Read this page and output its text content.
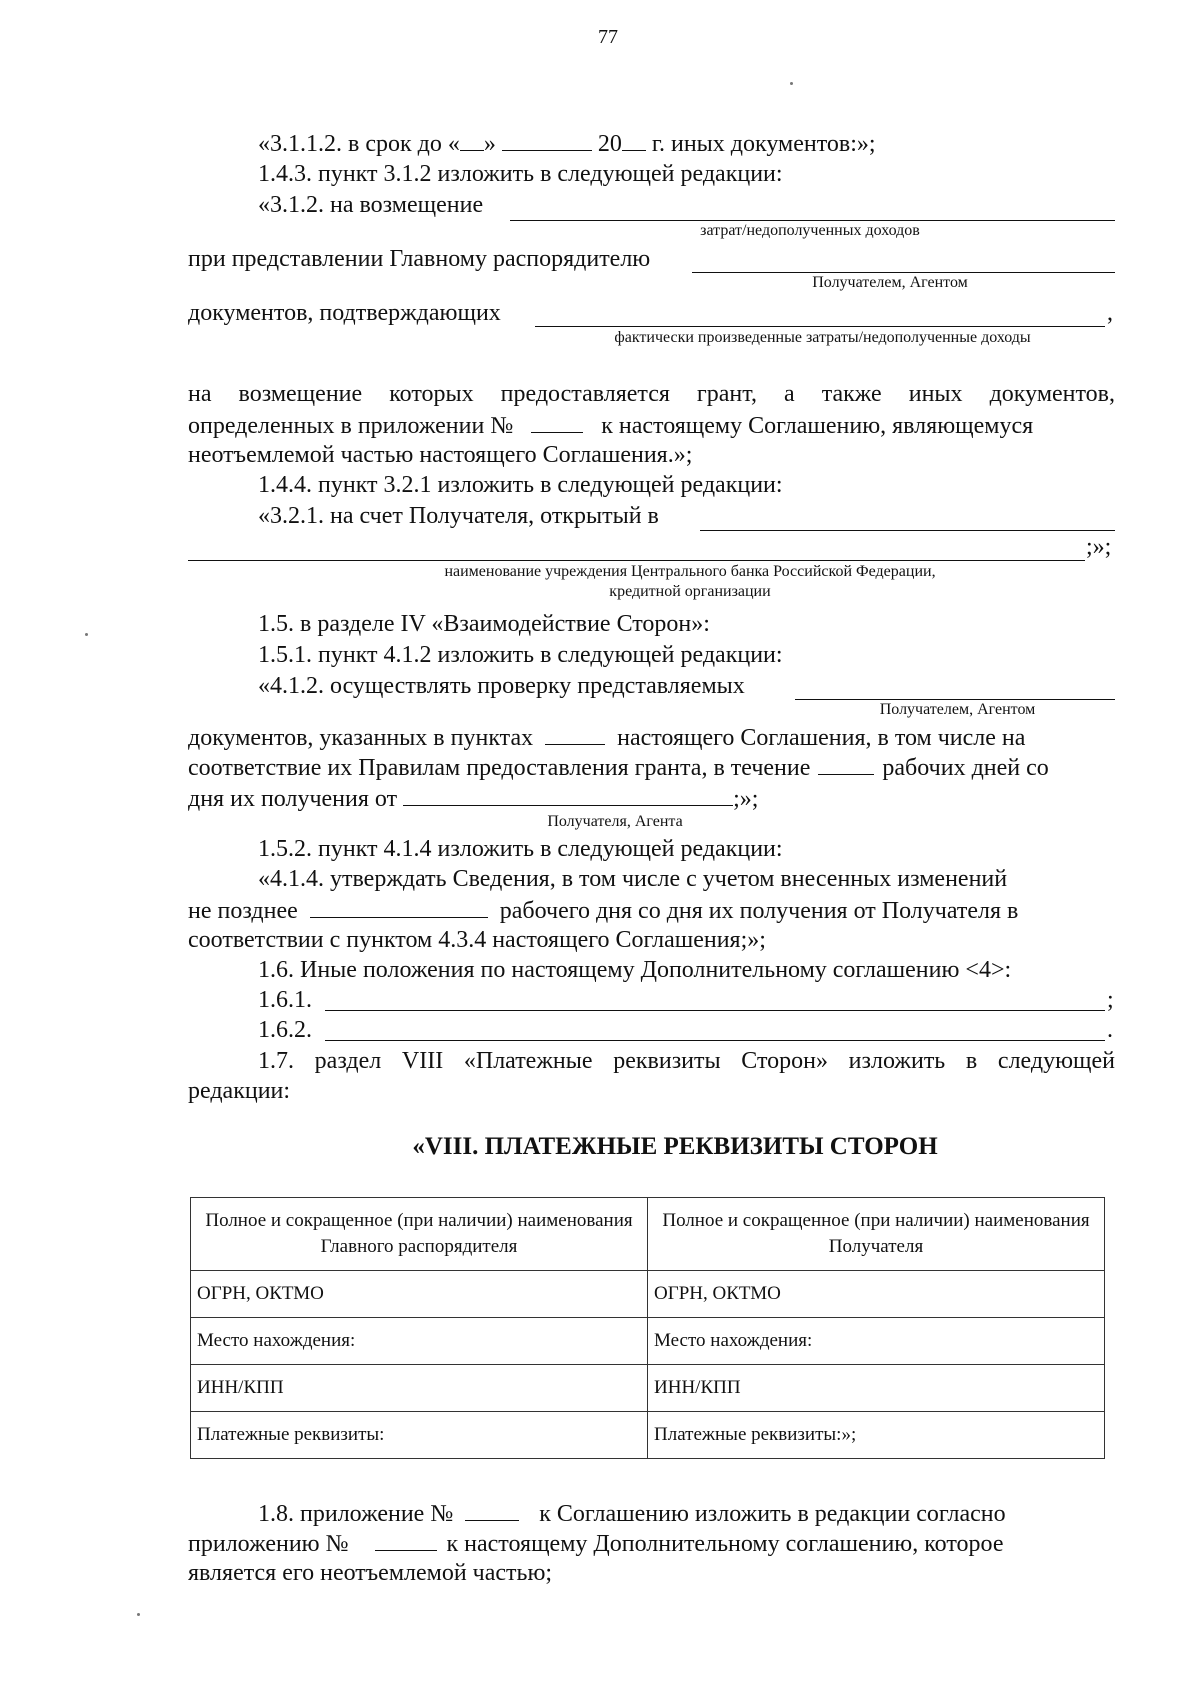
77
«3.1.1.2. в срок до « »	20 г. иных документов:»;
1.4.3. пункт 3.1.2 изложить в следующей редакции:
«3.1.2. на возмещение
затрат/недополученных доходов
при представлении Главному распорядителю
Получателем, Агентом
документов, подтверждающих	,
фактически произведенные затраты/недополученные доходы
на возмещение которых предоставляется грант, а также иных документов,
определенных в приложении №	к настоящему Соглашению, являющемуся
неотъемлемой частью настоящего Соглашения.»;
1.4.4. пункт 3.2.1 изложить в следующей редакции:
«3.2.1. на счет Получателя, открытый в
;»;
наименование учреждения Центрального банка Российской Федерации,
кредитной организации
1.5. в разделе IV «Взаимодействие Сторон»:
1.5.1. пункт 4.1.2 изложить в следующей редакции:
«4.1.2. осуществлять проверку представляемых
Получателем, Агентом
документов, указанных в пунктах	настоящего Соглашения, в том числе на
соответствие их Правилам предоставления гранта, в течение	рабочих дней со
дня их получения от	;»;
Получателя, Агента
1.5.2. пункт 4.1.4 изложить в следующей редакции:
«4.1.4. утверждать Сведения, в том числе с учетом внесенных изменений
не позднее	рабочего дня со дня их получения от Получателя в
соответствии с пунктом 4.3.4 настоящего Соглашения;»;
1.6. Иные положения по настоящему Дополнительному соглашению <4>:
1.6.1.	;
1.6.2.	.
1.7. раздел VIII «Платежные реквизиты Сторон» изложить в следующей
редакции:
«VIII. ПЛАТЕЖНЫЕ РЕКВИЗИТЫ СТОРОН
Полное и сокращенное (при наличии) наименования Главного распорядителя	Полное и сокращенное (при наличии) наименования Получателя
ОГРН, ОКТМО	ОГРН, ОКТМО
Место нахождения:	Место нахождения:
ИНН/КПП	ИНН/КПП
Платежные реквизиты:	Платежные реквизиты:»;
1.8. приложение №	к Соглашению изложить в редакции согласно
приложению №	к настоящему Дополнительному соглашению, которое
является его неотъемлемой частью;
